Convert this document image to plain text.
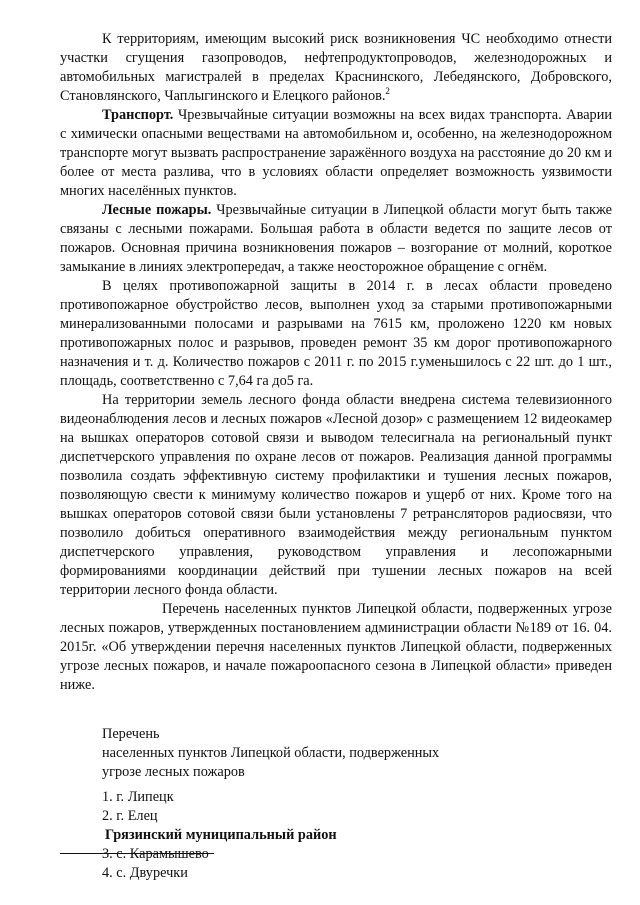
К территориям, имеющим высокий риск возникновения ЧС необходимо отнести участки сгущения газопроводов, нефтепродуктопроводов, железнодорожных и автомобильных магистралей в пределах Краснинского, Лебедянского, Добровского, Становлянского, Чаплыгинского и Елецкого районов.$^2$

Транспорт. Чрезвычайные ситуации возможны на всех видах транспорта. Аварии с химически опасными веществами на автомобильном и, особенно, на железнодорожном транспорте могут вызвать распространение заражённого воздуха на расстояние до 20 км и более от места разлива, что в условиях области определяет возможность уязвимости многих населённых пунктов.

Лесные пожары. Чрезвычайные ситуации в Липецкой области могут быть также связаны с лесными пожарами. Большая работа в области ведется по защите лесов от пожаров. Основная причина возникновения пожаров – возгорание от молний, короткое замыкание в линиях электропередач, а также неосторожное обращение с огнём.

В целях противопожарной защиты в 2014 г. в лесах области проведено противопожарное обустройство лесов, выполнен уход за старыми противопожарными минерализованными полосами и разрывами на 7615 км, проложено 1220 км новых противопожарных полос и разрывов, проведен ремонт 35 км дорог противопожарного назначения и т. д. Количество пожаров с 2011 г. по 2015 г.уменьшилось с 22 шт. до 1 шт., площадь, соответственно с 7,64 га до5 га.

На территории земель лесного фонда области внедрена система телевизионного видеонаблюдения лесов и лесных пожаров «Лесной дозор» с размещением 12 видеокамер на вышках операторов сотовой связи и выводом телесигнала на региональный пункт диспетчерского управления по охране лесов от пожаров. Реализация данной программы позволила создать эффективную систему профилактики и тушения лесных пожаров, позволяющую свести к минимуму количество пожаров и ущерб от них. Кроме того на вышках операторов сотовой связи были установлены 7 ретрансляторов радиосвязи, что позволило добиться оперативного взаимодействия между региональным пунктом диспетчерского управления, руководством управления и лесопожарными формированиями координации действий при тушении лесных пожаров на всей территории лесного фонда области.

Перечень населенных пунктов Липецкой области, подверженных угрозе лесных пожаров, утвержденных постановлением администрации области №189 от 16. 04. 2015г. «Об утверждении перечня населенных пунктов Липецкой области, подверженных угрозе лесных пожаров, и начале пожароопасного сезона в Липецкой области» приведен ниже.

Перечень

населенных пунктов Липецкой области, подверженных

угрозе лесных пожаров

1. г. Липецк

2. г. Елец

Грязинский муниципальный район

3. с. Карамышево

4. с. Двуречки
